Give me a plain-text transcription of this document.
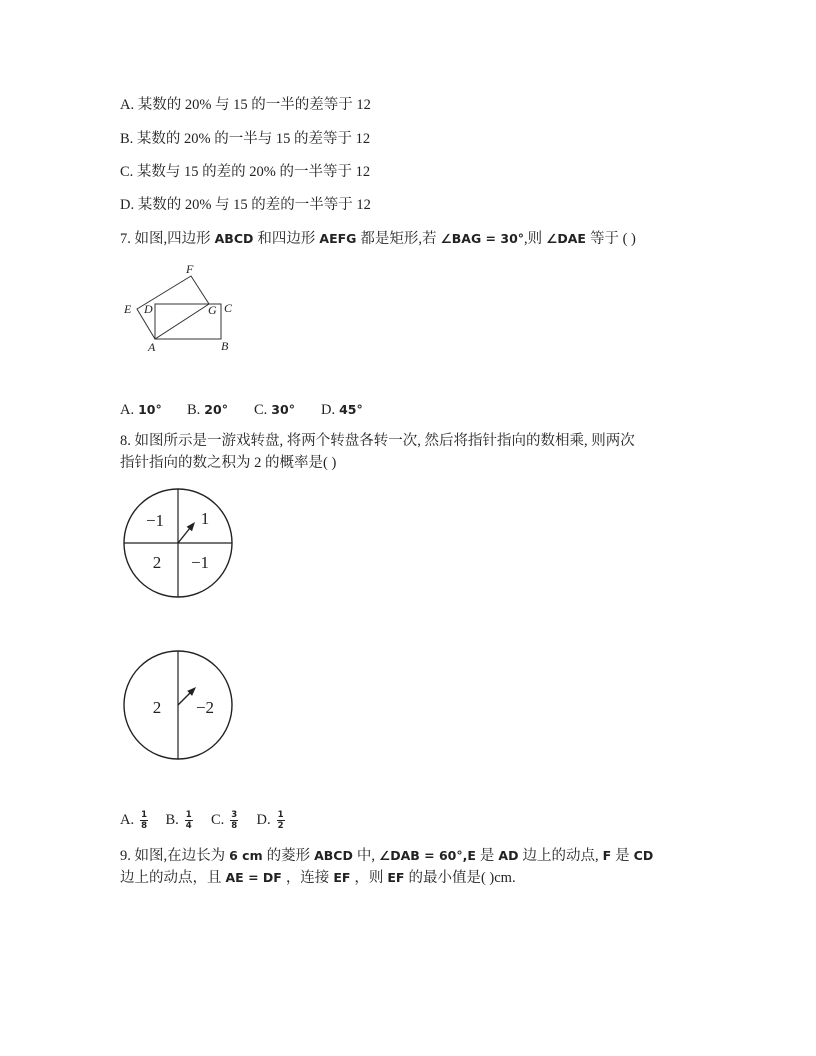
A. 某数的 20% 与 15 的一半的差等于 12
B. 某数的 20% 的一半与 15 的差等于 12
C. 某数与 15 的差的 20% 的一半等于 12
D. 某数的 20% 与 15 的差的一半等于 12
7. 如图,四边形 ABCD 和四边形 AEFG 都是矩形,若 ∠BAG = 30°,则 ∠DAE 等于 ( )
E D	G C
F
A	B
A. 10° B. 20° C. 30° D. 45°
8. 如图所示是一游戏转盘, 将两个转盘各转一次, 然后将指针指向的数相乘, 则两次
指针指向的数之积为 2 的概率是( )
−1 1
2 −1
2 −2
A. $\frac{1}{8} B$. $\frac{1}{4} C$. $\frac{3}{8} D$. $\frac{1}{2}$
9. 如图,在边长为 6 cm 的菱形 ABCD 中, ∠DAB = 60°,E 是 AD 边上的动点, F 是 CD
边上的动点，且 AE = DF ，连接 EF ，则 EF 的最小值是( )cm.
